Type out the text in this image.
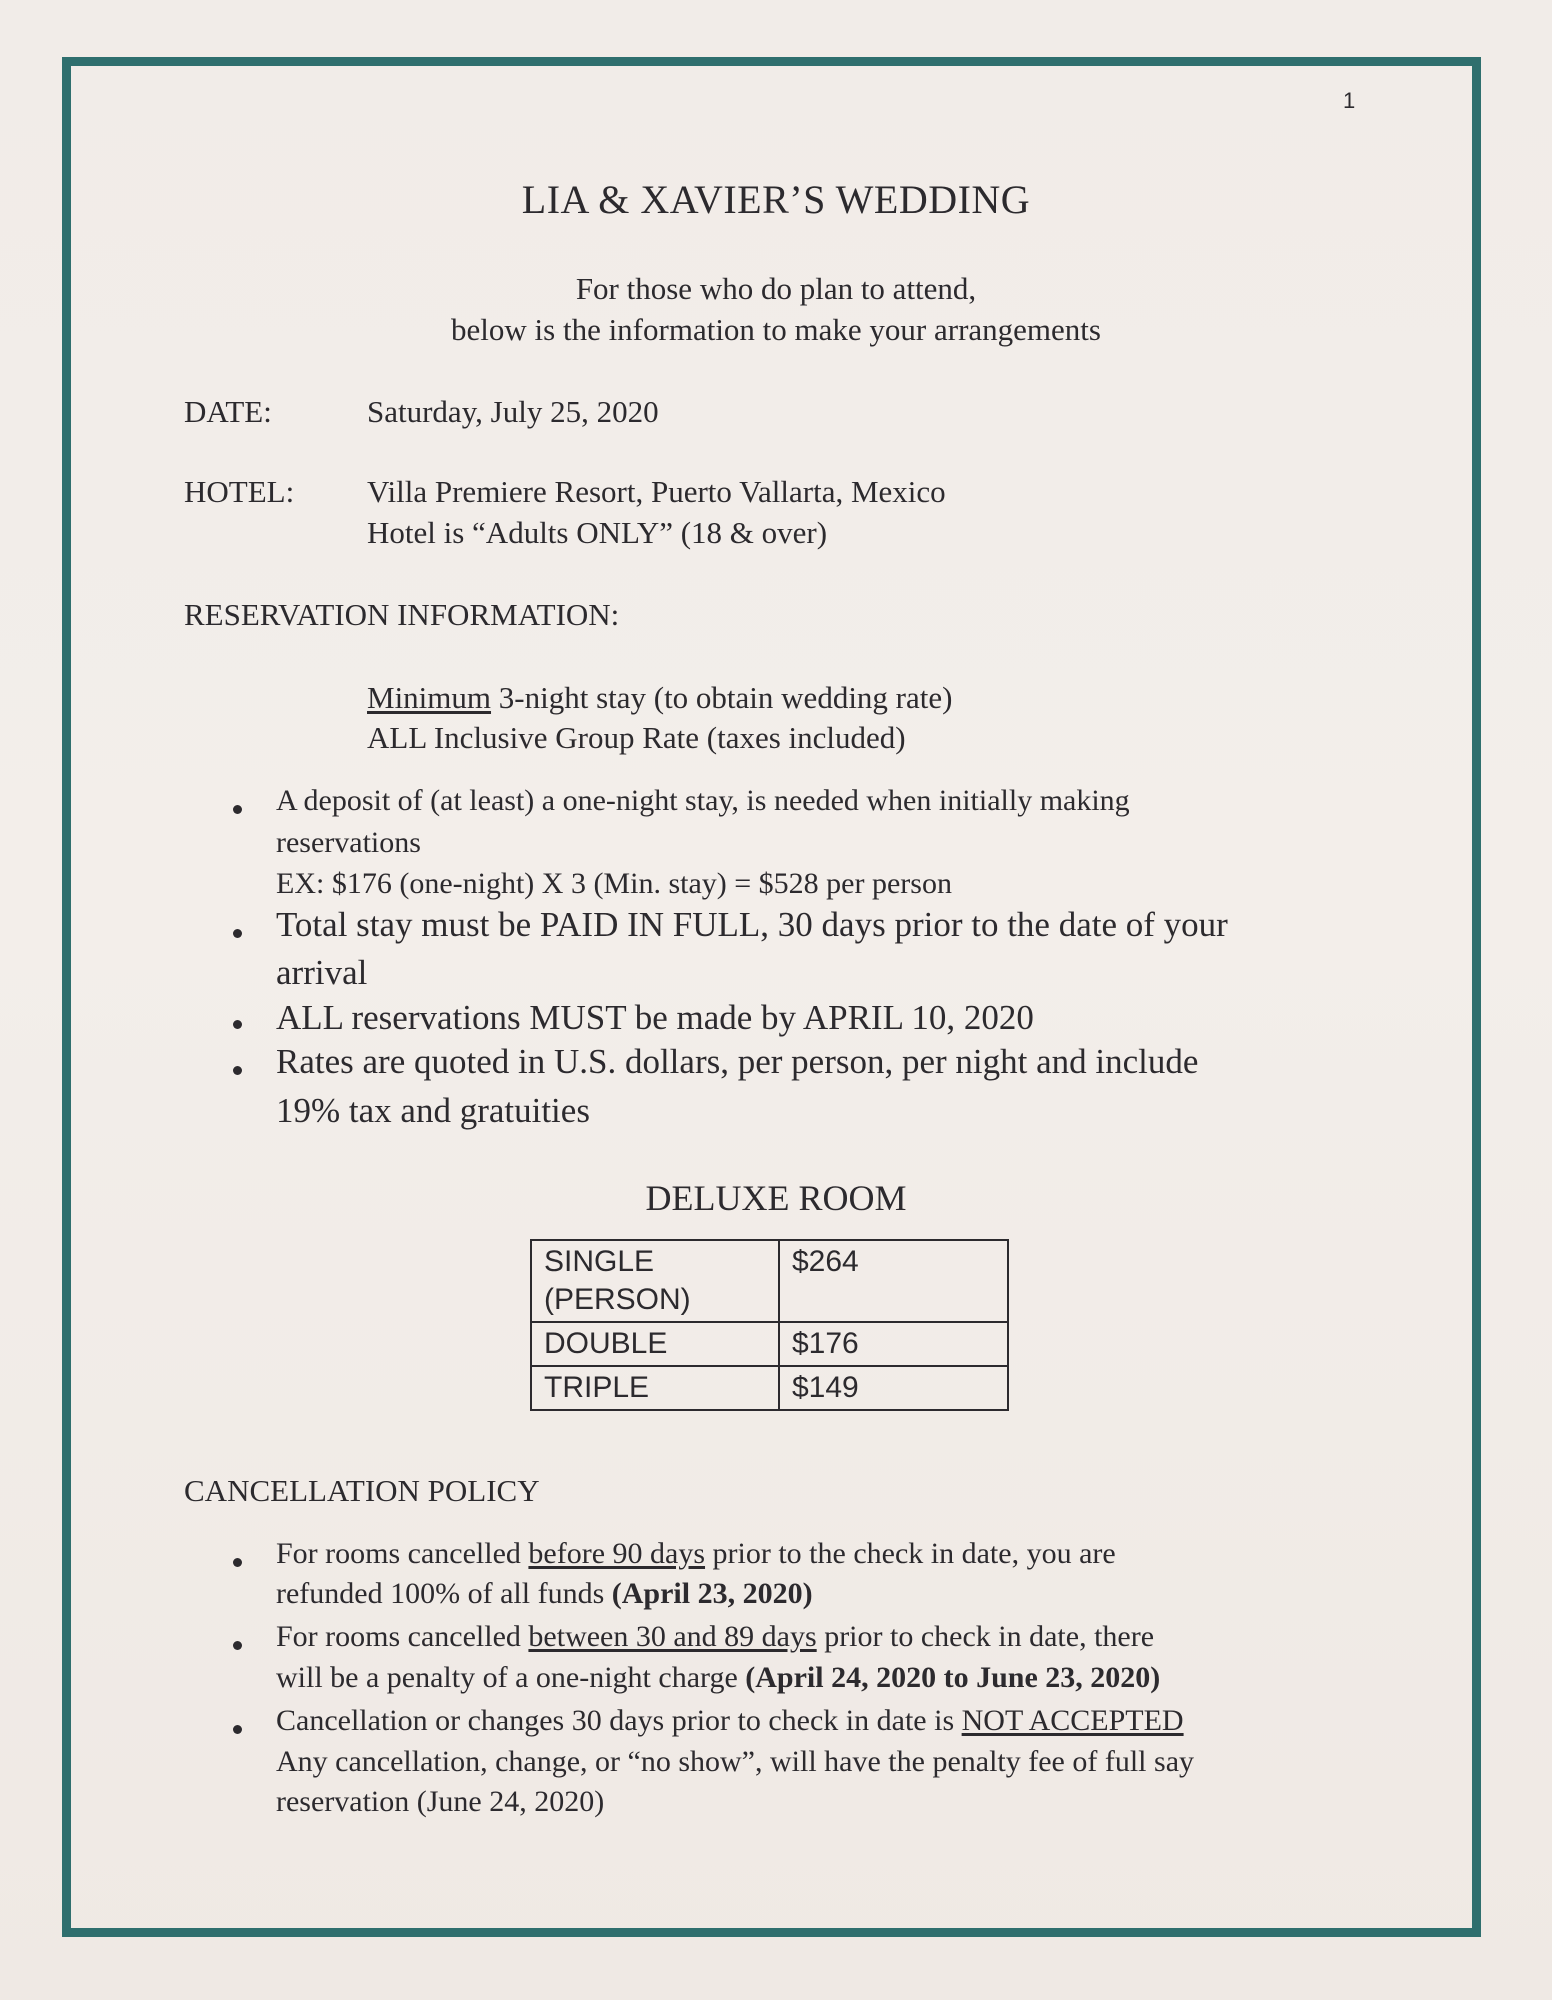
1
LIA & XAVIER’S WEDDING
For those who do plan to attend,
below is the information to make your arrangements
DATE:	Saturday, July 25, 2020
HOTEL: Villa Premiere Resort, Puerto Vallarta, Mexico
Hotel is “Adults ONLY” (18 & over)
RESERVATION INFORMATION:
Minimum 3-night stay (to obtain wedding rate)
ALL Inclusive Group Rate (taxes included)
A deposit of (at least) a one-night stay, is needed when initially making
reservations
EX: $176 (one-night) X 3 (Min. stay) = $528 per person
Total stay must be PAID IN FULL, 30 days prior to the date of your
arrival
ALL reservations MUST be made by APRIL 10, 2020
Rates are quoted in U.S. dollars, per person, per night and include
19% tax and gratuities
DELUXE ROOM
SINGLE
(PERSON)	$264
DOUBLE	$176
TRIPLE	$149
CANCELLATION POLICY
For rooms cancelled before 90 days prior to the check in date, you are
refunded 100% of all funds (April 23, 2020)
For rooms cancelled between 30 and 89 days prior to check in date, there
will be a penalty of a one-night charge (April 24, 2020 to June 23, 2020)
Cancellation or changes 30 days prior to check in date is NOT ACCEPTED
Any cancellation, change, or “no show”, will have the penalty fee of full say
reservation (June 24, 2020)
